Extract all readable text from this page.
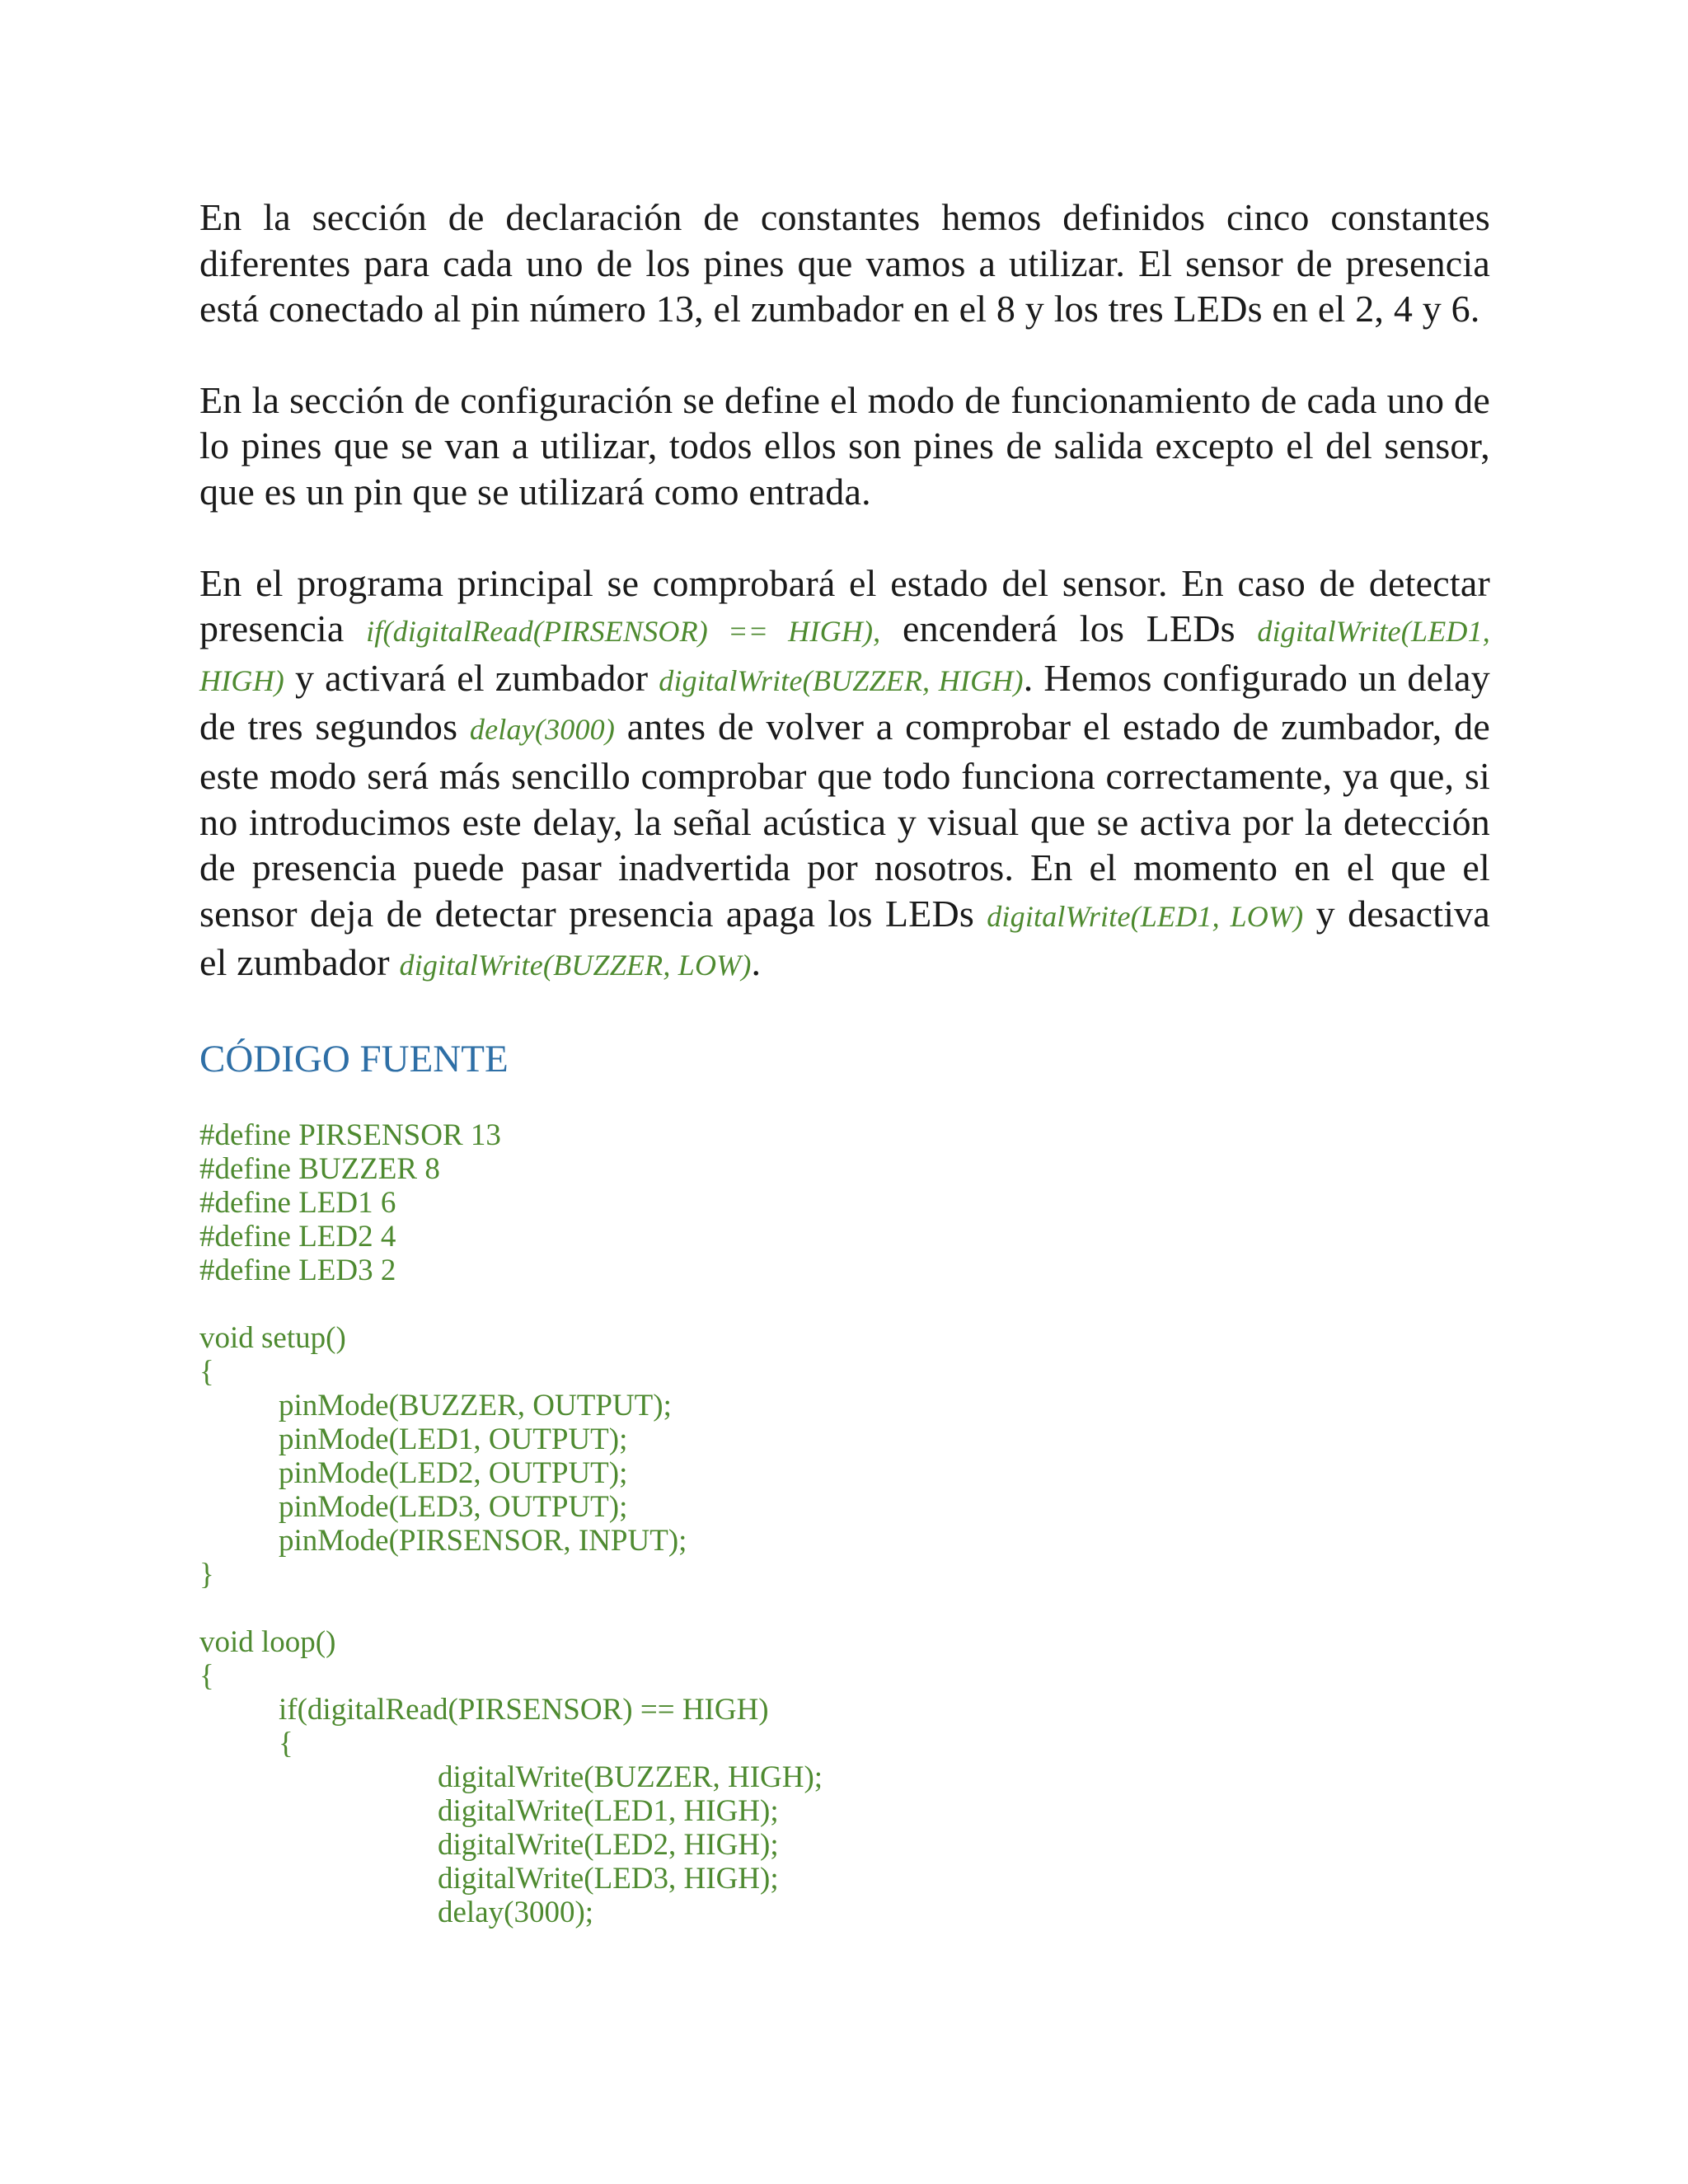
En la sección de declaración de constantes hemos definidos cinco constantes diferentes para cada uno de los pines que vamos a utilizar. El sensor de presencia está conectado al pin número 13, el zumbador en el 8 y los tres LEDs en el 2, 4 y 6.

En la sección de configuración se define el modo de funcionamiento de cada uno de lo pines que se van a utilizar, todos ellos son pines de salida excepto el del sensor, que es un pin que se utilizará como entrada.

En el programa principal se comprobará el estado del sensor. En caso de detectar presencia if(digitalRead(PIRSENSOR) == HIGH), encenderá los LEDs digitalWrite(LED1, HIGH) y activará el zumbador digitalWrite(BUZZER, HIGH). Hemos configurado un delay de tres segundos delay(3000) antes de volver a comprobar el estado de zumbador, de este modo será más sencillo comprobar que todo funciona correctamente, ya que, si no introducimos este delay, la señal acústica y visual que se activa por la detección de presencia puede pasar inadvertida por nosotros. En el momento en el que el sensor deja de detectar presencia apaga los LEDs digitalWrite(LED1, LOW) y desactiva el zumbador digitalWrite(BUZZER, LOW).

CÓDIGO FUENTE
#define PIRSENSOR 13
#define BUZZER 8
#define LED1 6
#define LED2 4
#define LED3 2
void setup()
{
pinMode(BUZZER, OUTPUT);
pinMode(LED1, OUTPUT);
pinMode(LED2, OUTPUT);
pinMode(LED3, OUTPUT);
pinMode(PIRSENSOR, INPUT);
}
void loop()
{
if(digitalRead(PIRSENSOR) == HIGH)
{
digitalWrite(BUZZER, HIGH);
digitalWrite(LED1, HIGH);
digitalWrite(LED2, HIGH);
digitalWrite(LED3, HIGH);
delay(3000);
